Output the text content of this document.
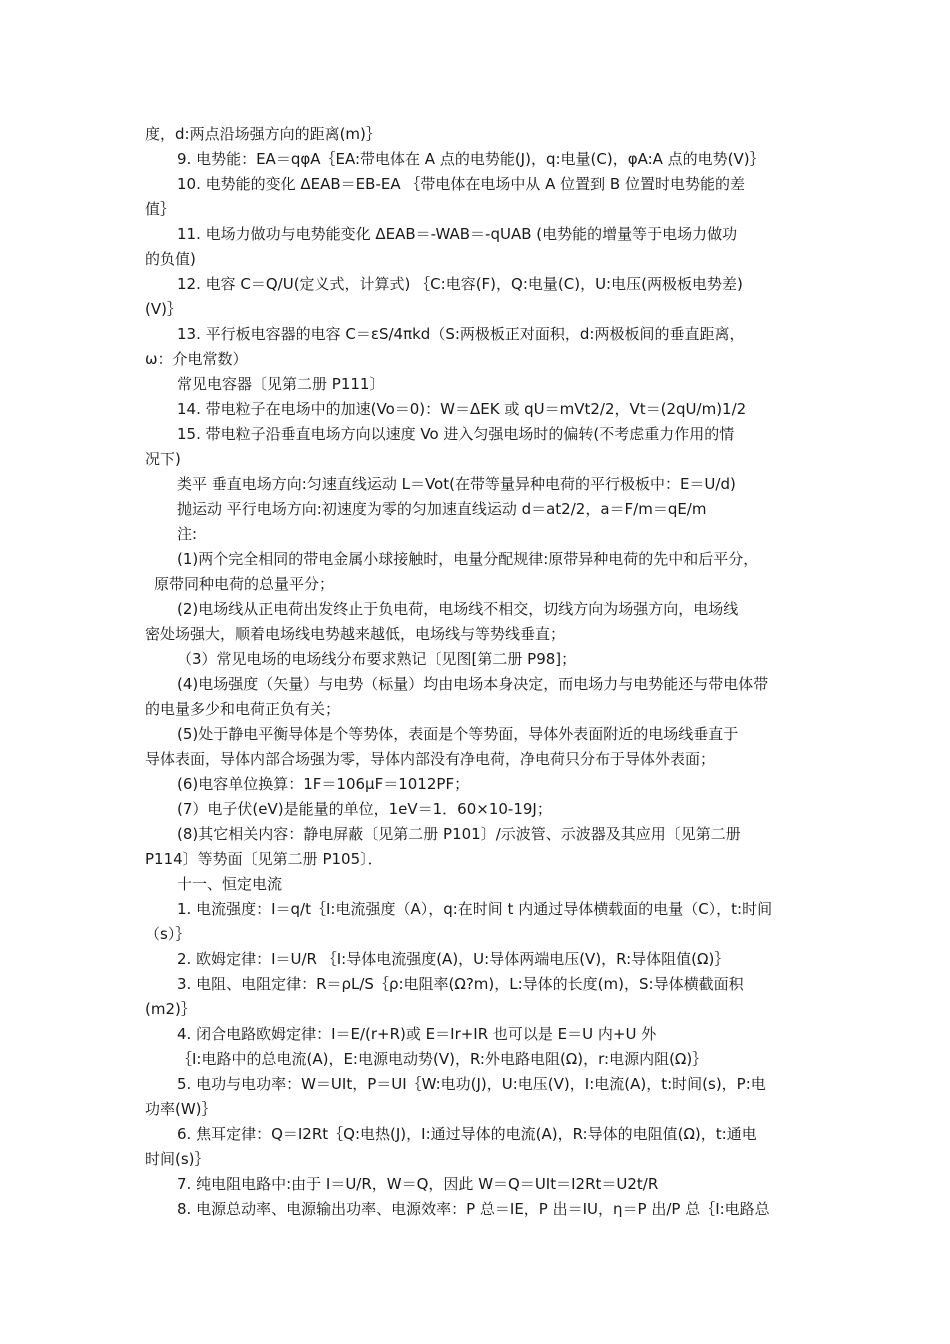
度，d:两点沿场强方向的距离(m)｝
9. 电势能：EA＝qφA｛EA:带电体在 A 点的电势能(J)，q:电量(C)，φA:A 点的电势(V)｝
10. 电势能的变化 ΔEAB＝EB-EA ｛带电体在电场中从 A 位置到 B 位置时电势能的差
值｝
11. 电场力做功与电势能变化 ΔEAB＝-WAB＝-qUAB (电势能的增量等于电场力做功
的负值)
12. 电容 C＝Q/U(定义式，计算式) ｛C:电容(F)，Q:电量(C)，U:电压(两极板电势差)
(V)｝
13. 平行板电容器的电容 C＝εS/4πkd（S:两极板正对面积，d:两极板间的垂直距离，
ω：介电常数）
常见电容器〔见第二册 P111〕
14. 带电粒子在电场中的加速(Vo＝0)：W＝ΔEK 或 qU＝mVt2/2，Vt＝(2qU/m)1/2
15. 带电粒子沿垂直电场方向以速度 Vo 进入匀强电场时的偏转(不考虑重力作用的情
况下)
类平 垂直电场方向:匀速直线运动 L＝Vot(在带等量异种电荷的平行极板中：E＝U/d)
抛运动 平行电场方向:初速度为零的匀加速直线运动 d＝at2/2，a＝F/m＝qE/m
注:
(1)两个完全相同的带电金属小球接触时，电量分配规律:原带异种电荷的先中和后平分，
原带同种电荷的总量平分；
(2)电场线从正电荷出发终止于负电荷，电场线不相交，切线方向为场强方向，电场线
密处场强大，顺着电场线电势越来越低，电场线与等势线垂直；
（3）常见电场的电场线分布要求熟记〔见图[第二册 P98]；
(4)电场强度（矢量）与电势（标量）均由电场本身决定，而电场力与电势能还与带电体带
的电量多少和电荷正负有关；
(5)处于静电平衡导体是个等势体，表面是个等势面，导体外表面附近的电场线垂直于
导体表面，导体内部合场强为零，导体内部没有净电荷，净电荷只分布于导体外表面；
(6)电容单位换算：1F＝106μF＝1012PF；
(7）电子伏(eV)是能量的单位，1eV＝1．60×10-19J；
(8)其它相关内容：静电屏蔽〔见第二册 P101〕/示波管、示波器及其应用〔见第二册
P114〕等势面〔见第二册 P105〕．
十一、恒定电流
1. 电流强度：I＝q/t｛I:电流强度（A），q:在时间 t 内通过导体横载面的电量（C），t:时间
（s）｝
2. 欧姆定律：I＝U/R ｛I:导体电流强度(A)，U:导体两端电压(V)，R:导体阻值(Ω)｝
3. 电阻、电阻定律：R＝ρL/S｛ρ:电阻率(Ω?m)，L:导体的长度(m)，S:导体横截面积
(m2)｝
4. 闭合电路欧姆定律：I＝E/(r+R)或 E＝Ir+IR 也可以是 E＝U 内+U 外
｛I:电路中的总电流(A)，E:电源电动势(V)，R:外电路电阻(Ω)，r:电源内阻(Ω)｝
5. 电功与电功率：W＝UIt，P＝UI｛W:电功(J)，U:电压(V)，I:电流(A)，t:时间(s)，P:电
功率(W)｝
6. 焦耳定律：Q＝I2Rt｛Q:电热(J)，I:通过导体的电流(A)，R:导体的电阻值(Ω)，t:通电
时间(s)｝
7. 纯电阻电路中:由于 I＝U/R，W＝Q，因此 W＝Q＝UIt＝I2Rt＝U2t/R
8. 电源总动率、电源输出功率、电源效率：P 总＝IE，P 出＝IU，η＝P 出/P 总｛I:电路总
